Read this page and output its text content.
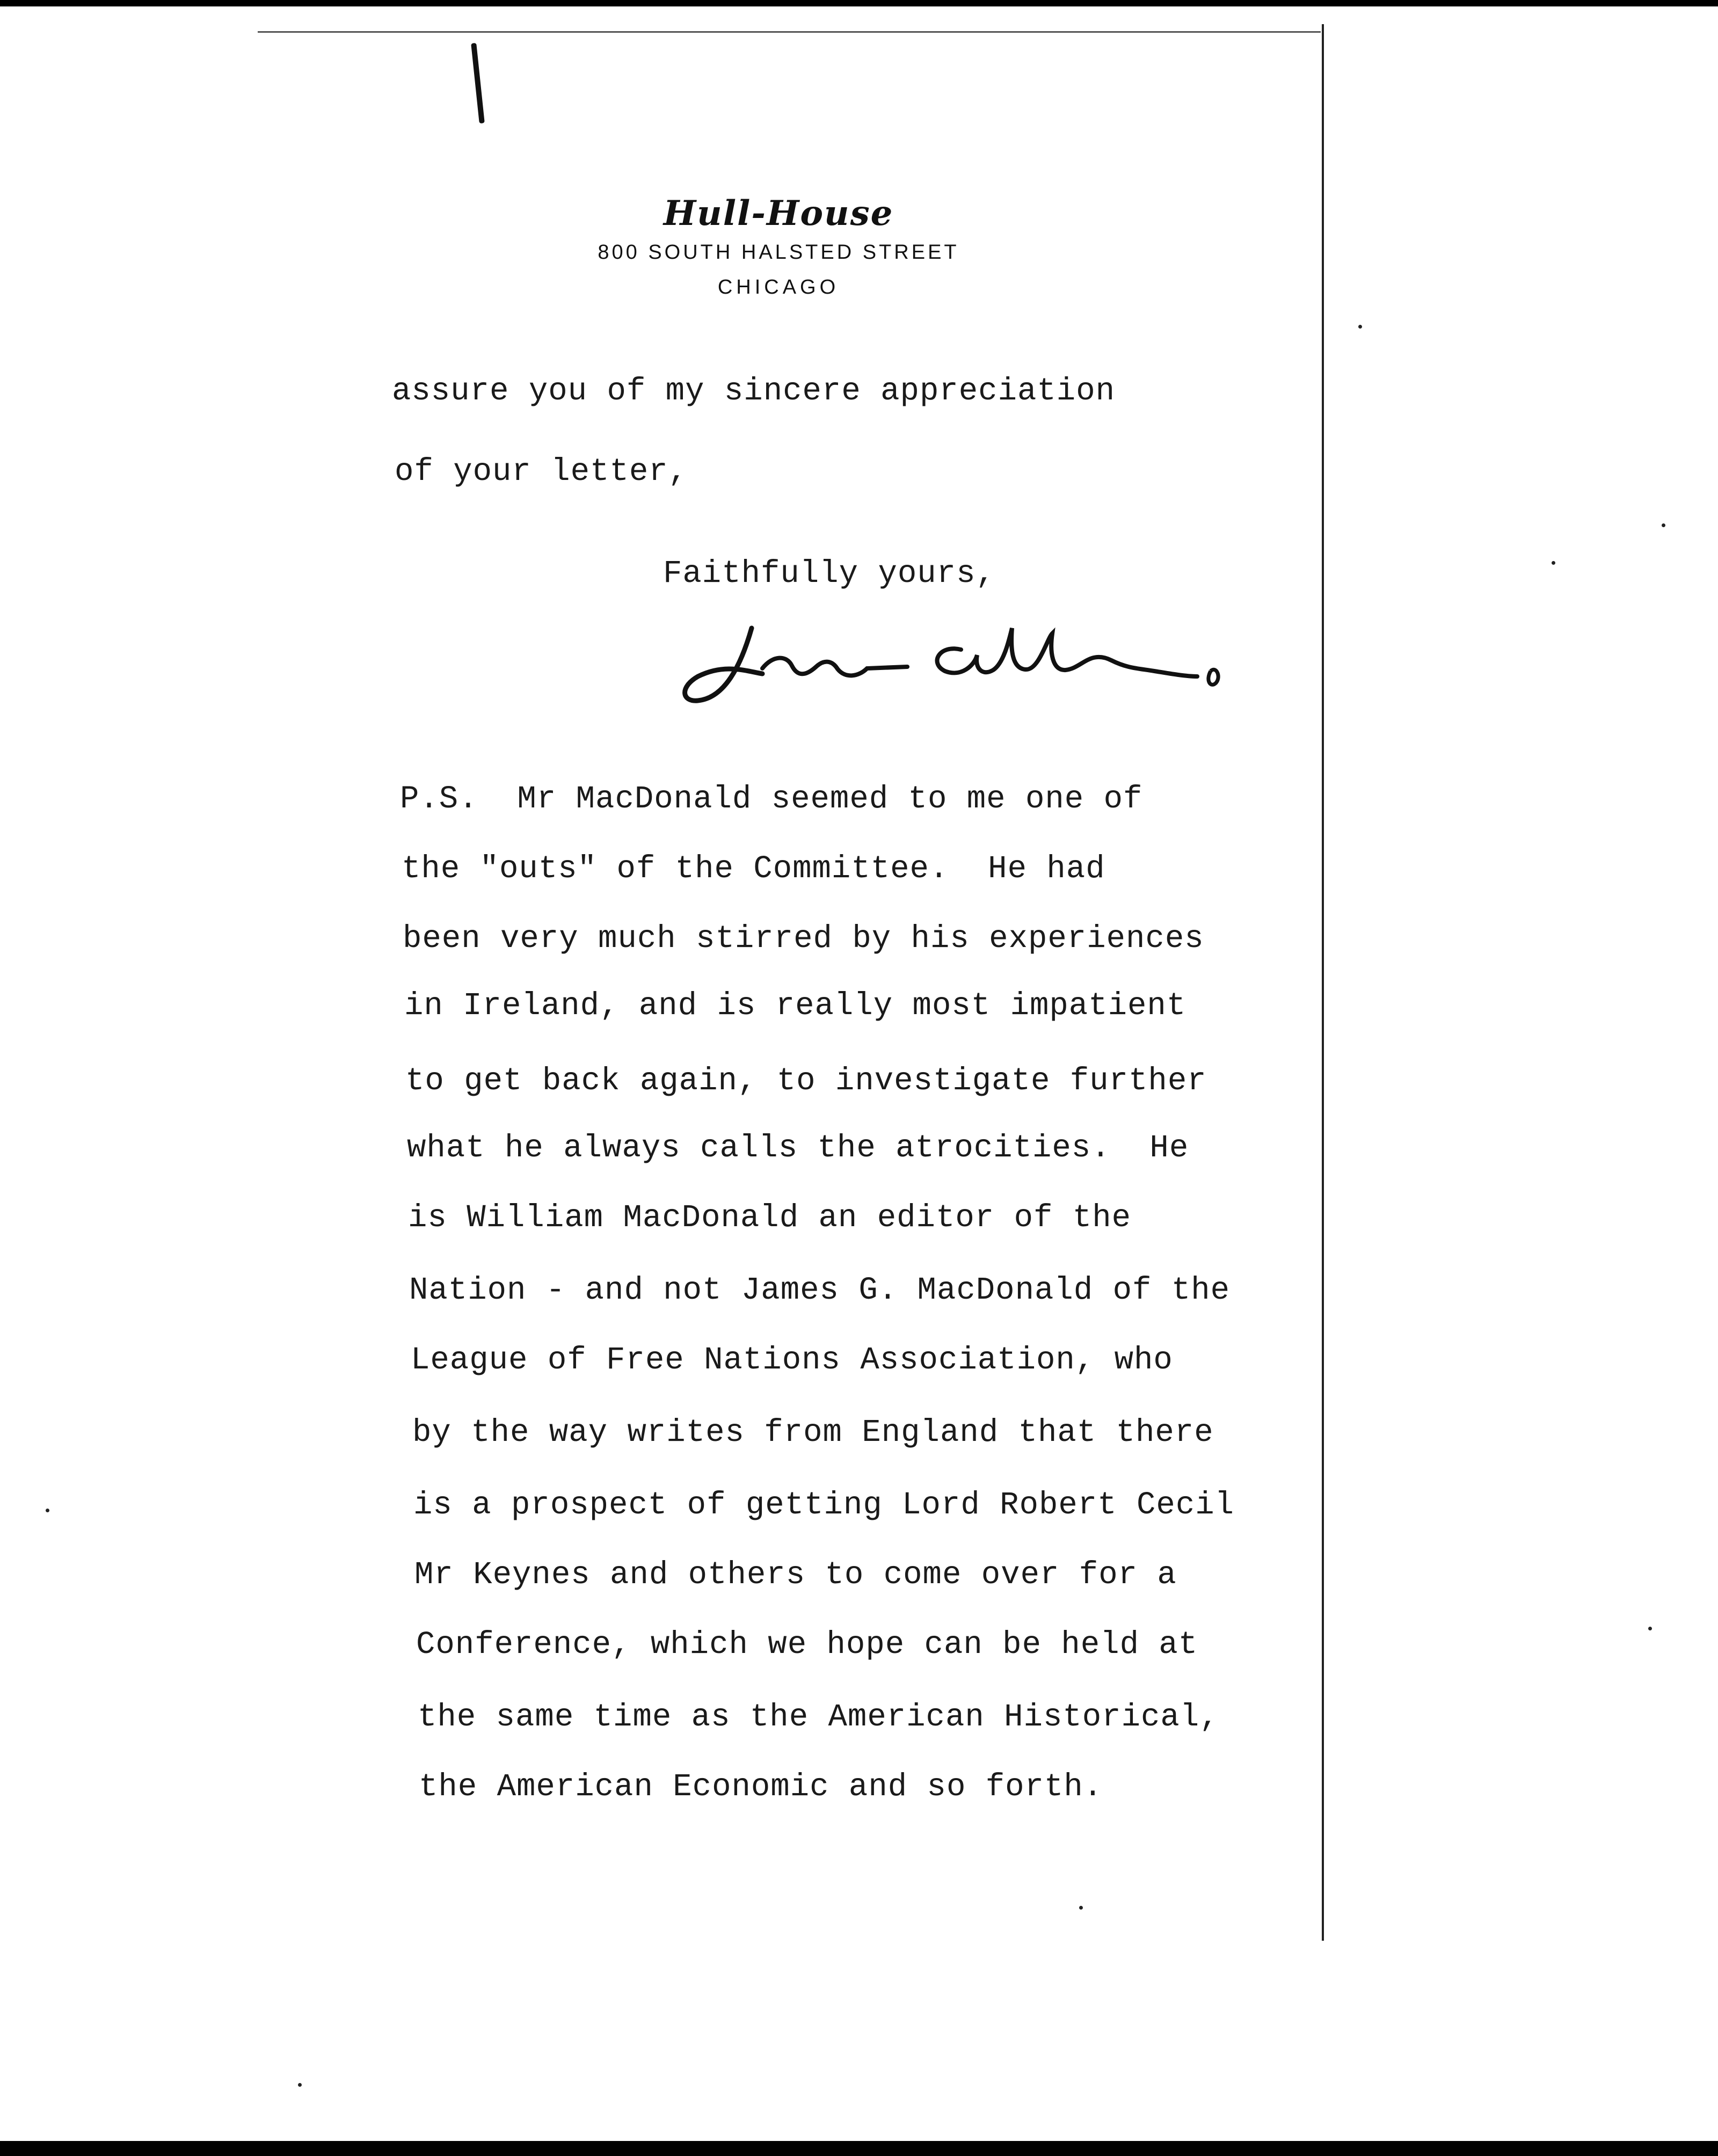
Hull-House
800 SOUTH HALSTED STREET
CHICAGO
assure you of my sincere appreciation
of your letter,
Faithfully yours,
P.S.  Mr MacDonald seemed to me one of
the "outs" of the Committee.  He had
been very much stirred by his experiences
in Ireland, and is really most impatient
to get back again, to investigate further
what he always calls the atrocities.  He
is William MacDonald an editor of the
Nation - and not James G. MacDonald of the
League of Free Nations Association, who
by the way writes from England that there
is a prospect of getting Lord Robert Cecil
Mr Keynes and others to come over for a
Conference, which we hope can be held at
the same time as the American Historical,
the American Economic and so forth.
